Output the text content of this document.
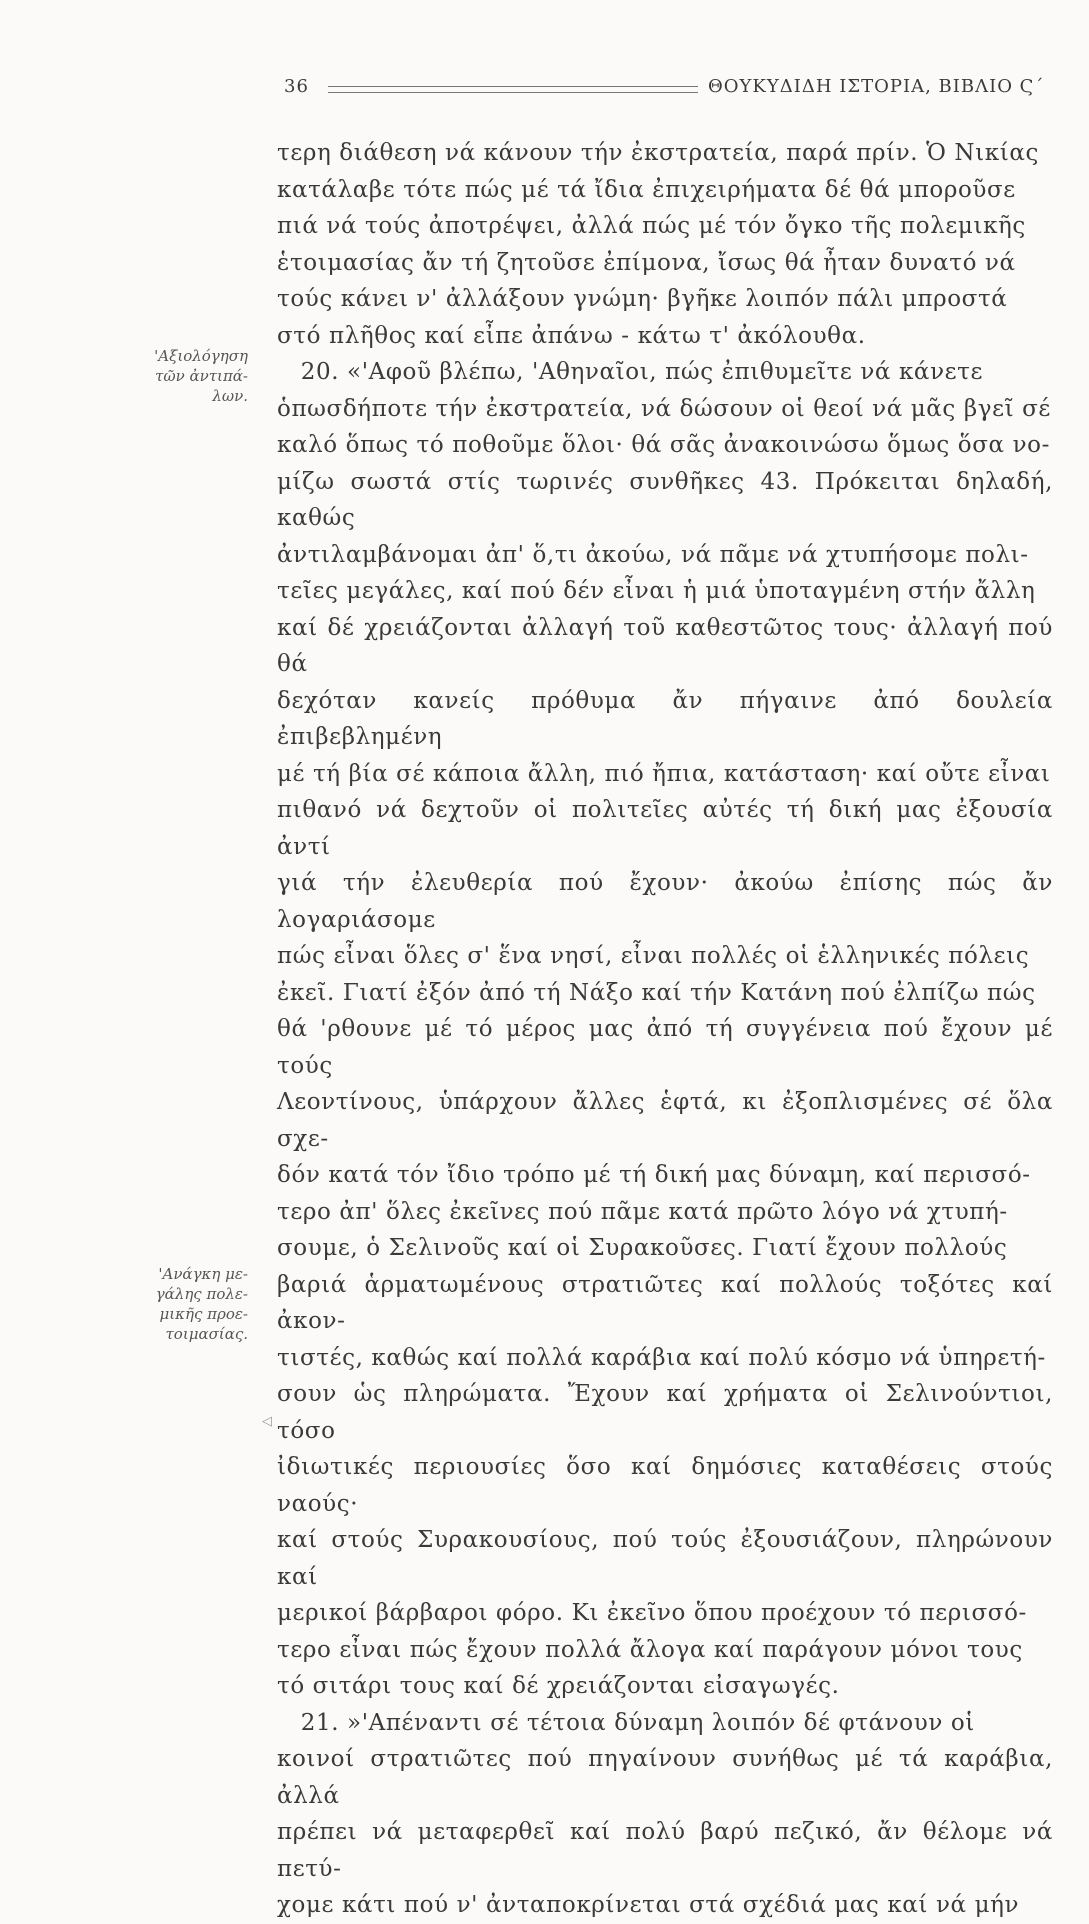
36	ΘΟΥΚΥΔΙΔΗ ΙΣΤΟΡΙΑ, ΒΙΒΛΙΟ Ϛ΄
'Αξιολόγηση
τῶν ἀντιπά-
λων.
'Ανάγκη με-
γάλης πολε-
μικῆς προε-
τοιμασίας.
τερη διάθεση νά κάνουν τήν ἐκστρατεία, παρά πρίν. Ὁ Νικίας
κατάλαβε τότε πώς μέ τά ἴδια ἐπιχειρήματα δέ θά μποροῦσε
πιά νά τούς ἀποτρέψει, ἀλλά πώς μέ τόν ὄγκο τῆς πολεμικῆς
ἑτοιμασίας ἄν τή ζητοῦσε ἐπίμονα, ἴσως θά ἦταν δυνατό νά
τούς κάνει ν' ἀλλάξουν γνώμη· βγῆκε λοιπόν πάλι μπροστά
στό πλῆθος καί εἶπε ἀπάνω - κάτω τ' ἀκόλουθα.
20. «'Αφοῦ βλέπω, 'Αθηναῖοι, πώς ἐπιθυμεῖτε νά κάνετε
ὁπωσδήποτε τήν ἐκστρατεία, νά δώσουν οἱ θεοί νά μᾶς βγεῖ σέ
καλό ὅπως τό ποθοῦμε ὅλοι· θά σᾶς ἀνακοινώσω ὅμως ὅσα νο-
μίζω σωστά στίς τωρινές συνθῆκες 43. Πρόκειται δηλαδή, καθώς
ἀντιλαμβάνομαι ἀπ' ὅ,τι ἀκούω, νά πᾶμε νά χτυπήσομε πολι-
τεῖες μεγάλες, καί πού δέν εἶναι ἡ μιά ὑποταγμένη στήν ἄλλη
καί δέ χρειάζονται ἀλλαγή τοῦ καθεστῶτος τους· ἀλλαγή πού θά
δεχόταν κανείς πρόθυμα ἄν πήγαινε ἀπό δουλεία ἐπιβεβλημένη
μέ τή βία σέ κάποια ἄλλη, πιό ἤπια, κατάσταση· καί οὔτε εἶναι
πιθανό νά δεχτοῦν οἱ πολιτεῖες αὐτές τή δική μας ἐξουσία ἀντί
γιά τήν ἐλευθερία πού ἔχουν· ἀκούω ἐπίσης πώς ἄν λογαριάσομε
πώς εἶναι ὅλες σ' ἕνα νησί, εἶναι πολλές οἱ ἑλληνικές πόλεις
ἐκεῖ. Γιατί ἐξόν ἀπό τή Νάξο καί τήν Κατάνη πού ἐλπίζω πώς
θά 'ρθουνε μέ τό μέρος μας ἀπό τή συγγένεια πού ἔχουν μέ τούς
Λεοντίνους, ὑπάρχουν ἄλλες ἑφτά, κι ἐξοπλισμένες σέ ὅλα σχε-
δόν κατά τόν ἴδιο τρόπο μέ τή δική μας δύναμη, καί περισσό-
τερο ἀπ' ὅλες ἐκεῖνες πού πᾶμε κατά πρῶτο λόγο νά χτυπή-
σουμε, ὁ Σελινοῦς καί οἱ Συρακοῦσες. Γιατί ἔχουν πολλούς
βαριά ἁρματωμένους στρατιῶτες καί πολλούς τοξότες καί ἀκον-
τιστές, καθώς καί πολλά καράβια καί πολύ κόσμο νά ὑπηρετή-
σουν ὡς πληρώματα. Ἔχουν καί χρήματα οἱ Σελινούντιοι, τόσο
ἰδιωτικές περιουσίες ὅσο καί δημόσιες καταθέσεις στούς ναούς·
καί στούς Συρακουσίους, πού τούς ἐξουσιάζουν, πληρώνουν καί
μερικοί βάρβαροι φόρο. Κι ἐκεῖνο ὅπου προέχουν τό περισσό-
τερο εἶναι πώς ἔχουν πολλά ἄλογα καί παράγουν μόνοι τους
τό σιτάρι τους καί δέ χρειάζονται εἰσαγωγές.
21. »'Απέναντι σέ τέτοια δύναμη λοιπόν δέ φτάνουν οἱ
κοινοί στρατιῶτες πού πηγαίνουν συνήθως μέ τά καράβια, ἀλλά
πρέπει νά μεταφερθεῖ καί πολύ βαρύ πεζικό, ἄν θέλομε νά πετύ-
χομε κάτι πού ν' ἀνταποκρίνεται στά σχέδιά μας καί νά μήν
◁
